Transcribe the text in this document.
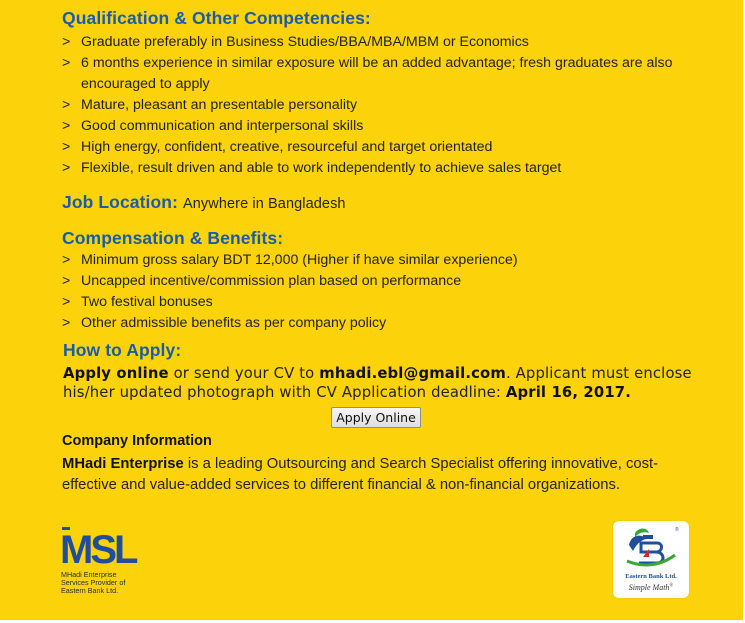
Qualification & Other Competencies:
> Graduate preferably in Business Studies/BBA/MBA/MBM or Economics
> 6 months experience in similar exposure will be an added advantage; fresh graduates are also encouraged to apply
> Mature, pleasant an presentable personality
> Good communication and interpersonal skills
> High energy, confident, creative, resourceful and target orientated
> Flexible, result driven and able to work independently to achieve sales target
Job Location: Anywhere in Bangladesh
Compensation & Benefits:
> Minimum gross salary BDT 12,000 (Higher if have similar experience)
> Uncapped incentive/commission plan based on performance
> Two festival bonuses
> Other admissible benefits as per company policy
How to Apply:
Apply online or send your CV to mhadi.ebl@gmail.com. Applicant must enclose his/her updated photograph with CV Application deadline: April 16, 2017.
Apply Online
Company Information
MHadi Enterprise is a leading Outsourcing and Search Specialist offering innovative, cost-effective and value-added services to different financial & non-financial organizations.
MSL
MHadi Enterprise
Services Provider of
Eastern Bank Ltd.
®
Eastern Bank Ltd.
Simple Math®
